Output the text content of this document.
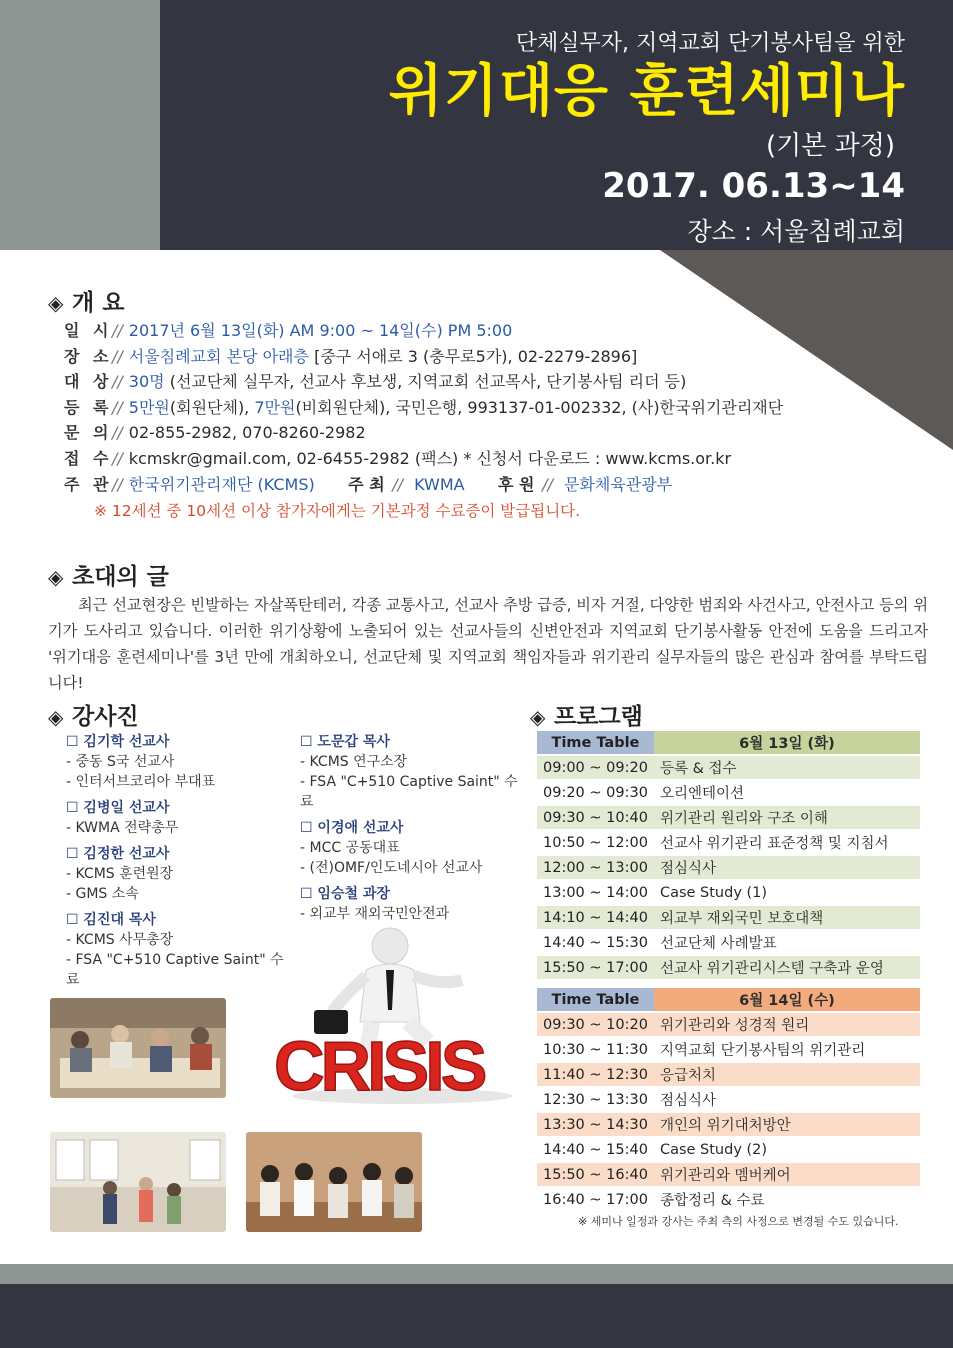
단체실무자, 지역교회 단기봉사팀을 위한
위기대응 훈련세미나
(기본 과정)
2017. 06.13~14
장소 : 서울침례교회
◈ 개 요
일 시// 2017년 6월 13일(화) AM 9:00 ~ 14일(수) PM 5:00
장 소// 서울침례교회 본당 아래층 [중구 서애로 3 (충무로5가), 02-2279-2896]
대 상// 30명 (선교단체 실무자, 선교사 후보생, 지역교회 선교목사, 단기봉사팀 리더 등)
등 록// 5만원(회원단체), 7만원(비회원단체), 국민은행, 993137-01-002332, (사)한국위기관리재단
문 의// 02-855-2982, 070-8260-2982
접 수// kcmskr@gmail.com, 02-6455-2982 (팩스) * 신청서 다운로드 : www.kcms.or.kr
주 관// 한국위기관리재단 (KCMS)      주 최 // KWMA      후 원 // 문화체육관광부
※ 12세션 중 10세션 이상 참가자에게는 기본과정 수료증이 발급됩니다.
◈ 초대의 글
최근 선교현장은 빈발하는 자살폭탄테러, 각종 교통사고, 선교사 추방 급증, 비자 거절, 다양한 범죄와 사건사고, 안전사고 등의 위기가 도사리고 있습니다. 이러한 위기상황에 노출되어 있는 선교사들의 신변안전과 지역교회 단기봉사활동 안전에 도움을 드리고자 '위기대응 훈련세미나'를 3년 만에 개최하오니, 선교단체 및 지역교회 책임자들과 위기관리 실무자들의 많은 관심과 참여를 부탁드립니다!
◈ 강사진
☐ 김기학 선교사
- 중동 S국 선교사
- 인터서브코리아 부대표
☐ 김병일 선교사
- KWMA 전략총무
☐ 김정한 선교사
- KCMS 훈련원장
- GMS 소속
☐ 김진대 목사
- KCMS 사무총장
- FSA "C+510 Captive Saint" 수료
☐ 도문갑 목사
- KCMS 연구소장
- FSA "C+510 Captive Saint" 수료
☐ 이경애 선교사
- MCC 공동대표
- (전)OMF/인도네시아 선교사
☐ 임승철 과장
- 외교부 재외국민안전과
CRISIS
◈ 프로그램
Time Table	6월 13일 (화)
09:00 ~ 09:20	등록 & 접수
09:20 ~ 09:30	오리엔테이션
09:30 ~ 10:40	위기관리 원리와 구조 이해
10:50 ~ 12:00	선교사 위기관리 표준정책 및 지침서
12:00 ~ 13:00	점심식사
13:00 ~ 14:00	Case Study (1)
14:10 ~ 14:40	외교부 재외국민 보호대책
14:40 ~ 15:30	선교단체 사례발표
15:50 ~ 17:00	선교사 위기관리시스템 구축과 운영
Time Table	6월 14일 (수)
09:30 ~ 10:20	위기관리와 성경적 원리
10:30 ~ 11:30	지역교회 단기봉사팀의 위기관리
11:40 ~ 12:30	응급처치
12:30 ~ 13:30	점심식사
13:30 ~ 14:30	개인의 위기대처방안
14:40 ~ 15:40	Case Study (2)
15:50 ~ 16:40	위기관리와 멤버케어
16:40 ~ 17:00	종합정리 & 수료
※ 세미나 일정과 강사는 주최 측의 사정으로 변경될 수도 있습니다.
